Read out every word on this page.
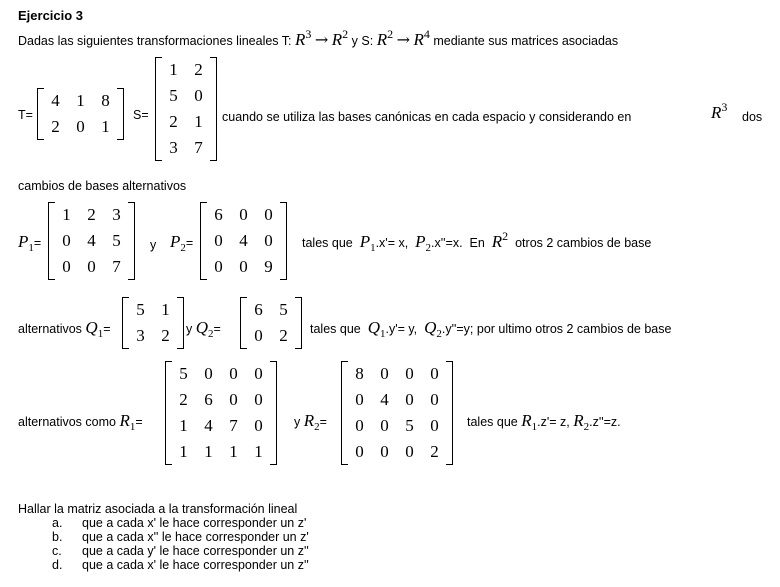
Ejercicio 3
Dadas las siguientes transformaciones lineales T: R3 → R2 y S: R2 → R4 mediante sus matrices asociadas
T=
4	1	8
2	0	1
S=
1	2
5	0
2	1
3	7
cuando se utiliza las bases canónicas en cada espacio y considerando en	R3
dos
cambios de bases alternativos
P1=
1	2	3
0	4	5
0	0	7
y P2=
6	0	0
0	4	0
0	0	9
tales que P1.x'= x, P2.x''=x. En R2 otros 2 cambios de base
alternativos Q1=
5	1
3	2 y Q2=
6	5
0	2 tales que Q1.y'= y, Q2.y''=y; por ultimo otros 2 cambios de base
alternativos como R1=
5	0	0	0
2	6	0	0
1	4	7	0
1	1	1	1
y R2=
8	0	0	0
0	4	0	0
0	0	5	0
0	0	0	2
tales que R1.z'= z, R2.z''=z.
Hallar la matriz asociada a la transformación lineal
a. que a cada x' le hace corresponder un z'
b. que a cada x'' le hace corresponder un z'
c. que a cada y' le hace corresponder un z''
d. que a cada x' le hace corresponder un z''
